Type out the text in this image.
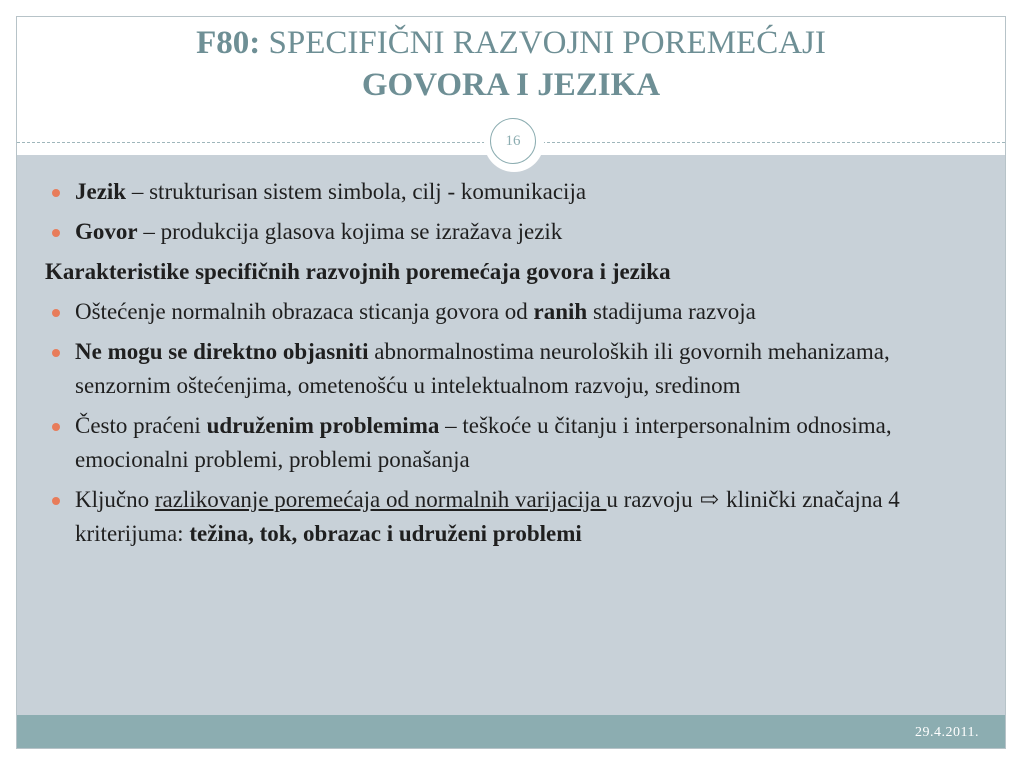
F80: SPECIFIČNI RAZVOJNI POREMEĆAJI
GOVORA I JEZIKA
29.4.2011.
16
Jezik – strukturisan sistem simbola, cilj - komunikacija
Govor – produkcija glasova kojima se izražava jezik
Karakteristike specifičnih razvojnih poremećaja govora i jezika
Oštećenje normalnih obrazaca sticanja govora od ranih stadijuma razvoja
Ne mogu se direktno objasniti abnormalnostima neuroloških ili govornih mehanizama, senzornim oštećenjima, ometenošću u intelektualnom razvoju, sredinom
Često praćeni udruženim problemima – teškoće u čitanju i interpersonalnim odnosima, emocionalni problemi, problemi ponašanja
Ključno razlikovanje poremećaja od normalnih varijacija u razvoju ⇨ klinički značajna 4 kriterijuma: težina, tok, obrazac i udruženi problemi
